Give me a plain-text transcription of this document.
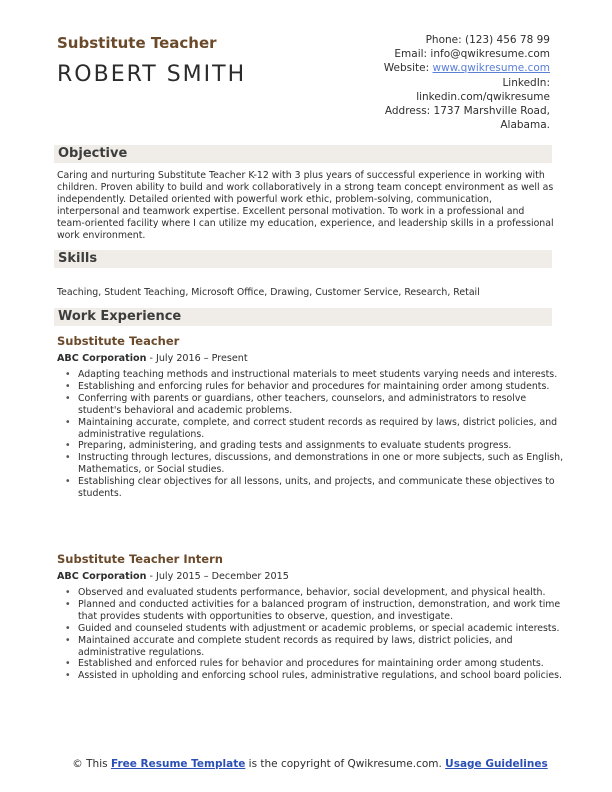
Substitute Teacher
ROBERT SMITH
Phone: (123) 456 78 99
Email: info@qwikresume.com
Website: www.qwikresume.com
LinkedIn:
linkedin.com/qwikresume
Address: 1737 Marshville Road,
Alabama.
Objective
Caring and nurturing Substitute Teacher K-12 with 3 plus years of successful experience in working with children. Proven ability to build and work collaboratively in a strong team concept environment as well as independently. Detailed oriented with powerful work ethic, problem-solving, communication, interpersonal and teamwork expertise. Excellent personal motivation. To work in a professional and team-oriented facility where I can utilize my education, experience, and leadership skills in a professional work environment.
Skills
Teaching, Student Teaching, Microsoft Office, Drawing, Customer Service, Research, Retail
Work Experience
Substitute Teacher
ABC Corporation - July 2016 – Present
• Adapting teaching methods and instructional materials to meet students varying needs and interests.
• Establishing and enforcing rules for behavior and procedures for maintaining order among students.
• Conferring with parents or guardians, other teachers, counselors, and administrators to resolve student's behavioral and academic problems.
• Maintaining accurate, complete, and correct student records as required by laws, district policies, and administrative regulations.
• Preparing, administering, and grading tests and assignments to evaluate students progress.
• Instructing through lectures, discussions, and demonstrations in one or more subjects, such as English, Mathematics, or Social studies.
• Establishing clear objectives for all lessons, units, and projects, and communicate these objectives to students.
Substitute Teacher Intern
ABC Corporation - July 2015 – December 2015
• Observed and evaluated students performance, behavior, social development, and physical health.
• Planned and conducted activities for a balanced program of instruction, demonstration, and work time that provides students with opportunities to observe, question, and investigate.
• Guided and counseled students with adjustment or academic problems, or special academic interests.
• Maintained accurate and complete student records as required by laws, district policies, and administrative regulations.
• Established and enforced rules for behavior and procedures for maintaining order among students.
• Assisted in upholding and enforcing school rules, administrative regulations, and school board policies.
© This Free Resume Template is the copyright of Qwikresume.com. Usage Guidelines
